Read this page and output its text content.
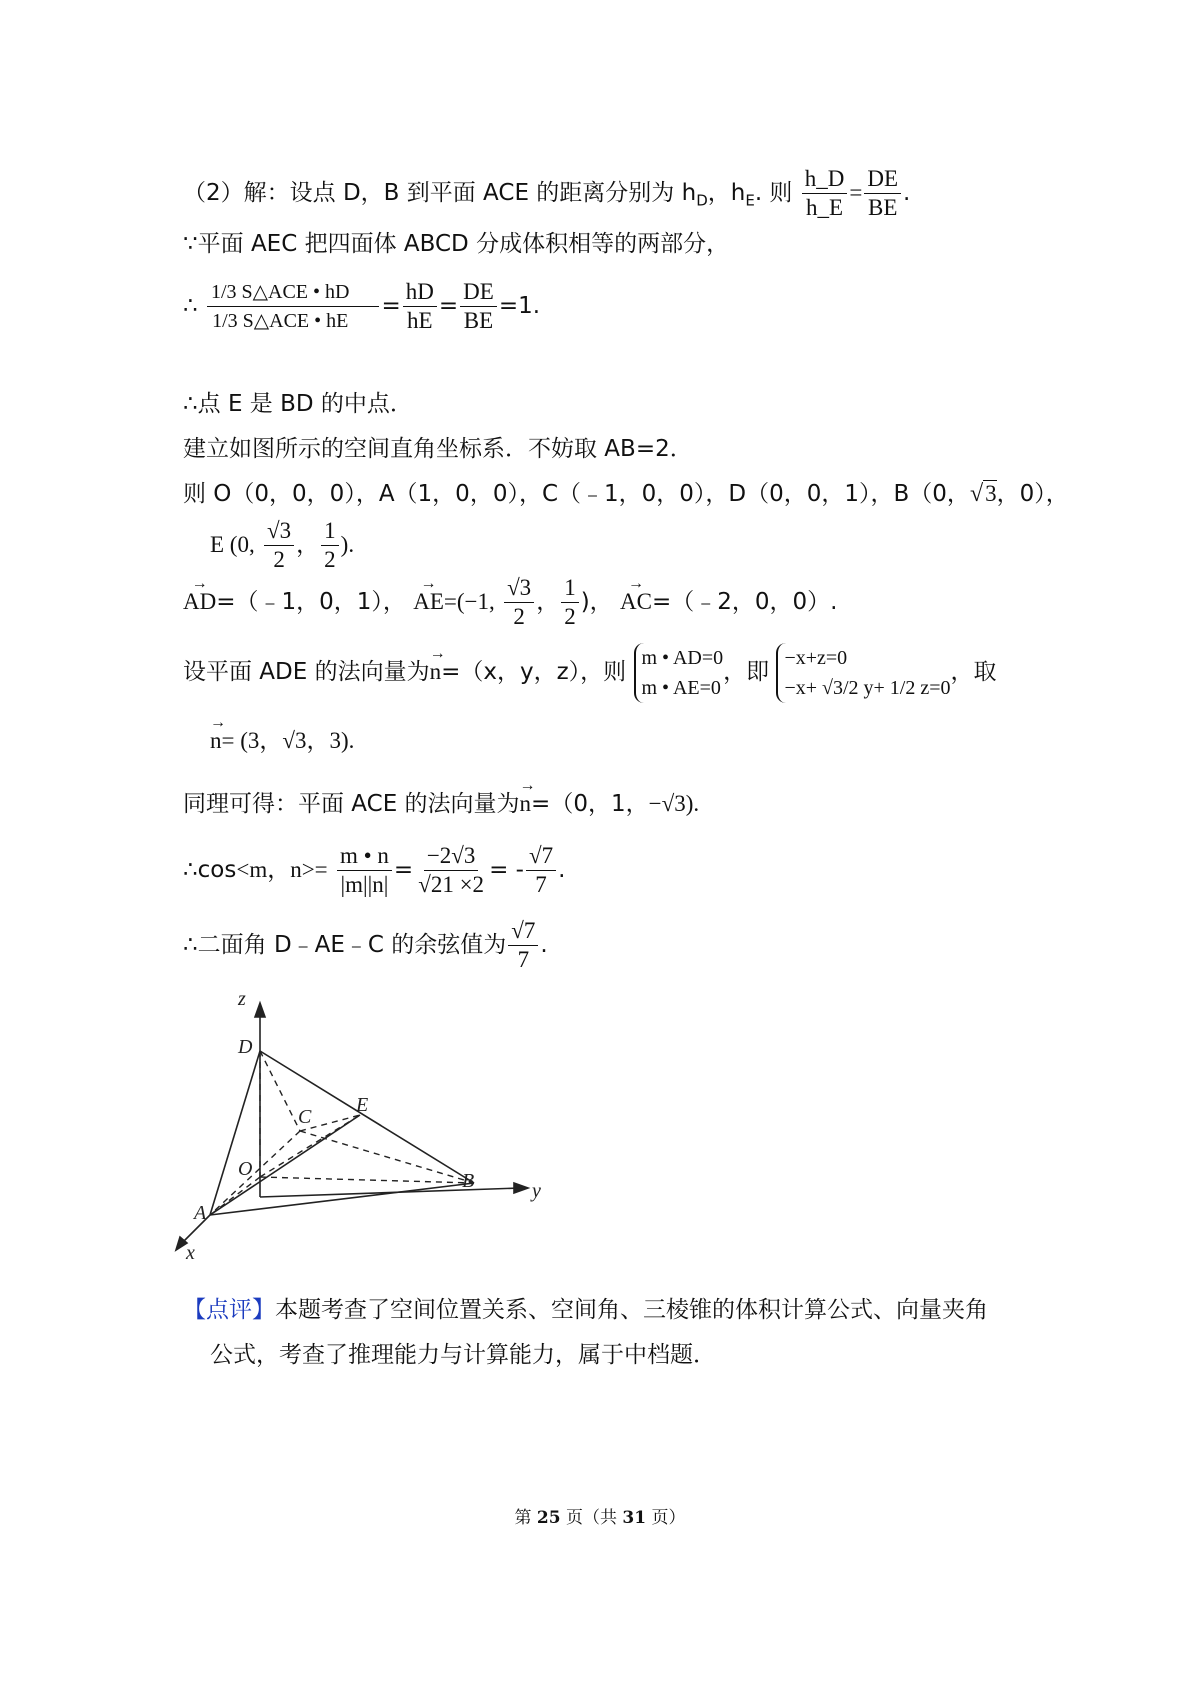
（2）解：设点 D，B 到平面 ACE 的距离分别为 $h_D$，$h_E$. 则 $\frac{h\_D}{h\_E} = \frac{DE}{BE}$ .
∵平面 AEC 把四面体 ABCD 分成体积相等的两部分，
∴ $\frac{\text{1/3 S△ACE • hD}}{\text{1/3 S△ACE • hE}} = \frac{hD}{hE} = \frac{DE}{BE} =1$.
∴点 E 是 BD 的中点．
建立如图所示的空间直角坐标系．不妨取 AB=2．
则 O（0，0，0），A（1，0，0），C（﹣1，0，0），D（0，0，1），B（0，√3，0），
E (0, $\frac{√3}{2}$ ， $\frac{1}{2}$ ).
→ AD=（﹣1，0，1）， → AE=(−1, $\frac{√3}{2}$ ， $\frac{1}{2}$ )， → AC=（﹣2，0，0）.
设平面 ADE 的法向量为→ n=（x，y，z），则
m • AD=0
m • AE=0
，即
−x+z=0
−x+ √3/2 y+ 1/2 z=0
，取
→ n= (3，√3，3).
同理可得：平面 ACE 的法向量为→ n=（0，1，−√3).
∴cos<m，$n>= \frac{m • n}{|m||n|} = \frac{-2√3}{√21 \times 2}$ = - $\frac{√7}{7}$ .
∴二面角 D﹣AE﹣C 的余弦值为 $\frac{√7}{7}$ .
z
D
C
E
O
B	y
A
x
【点评】本题考查了空间位置关系、空间角、三棱锥的体积计算公式、向量夹角
公式，考查了推理能力与计算能力，属于中档题．
第 25 页（共 31 页）
